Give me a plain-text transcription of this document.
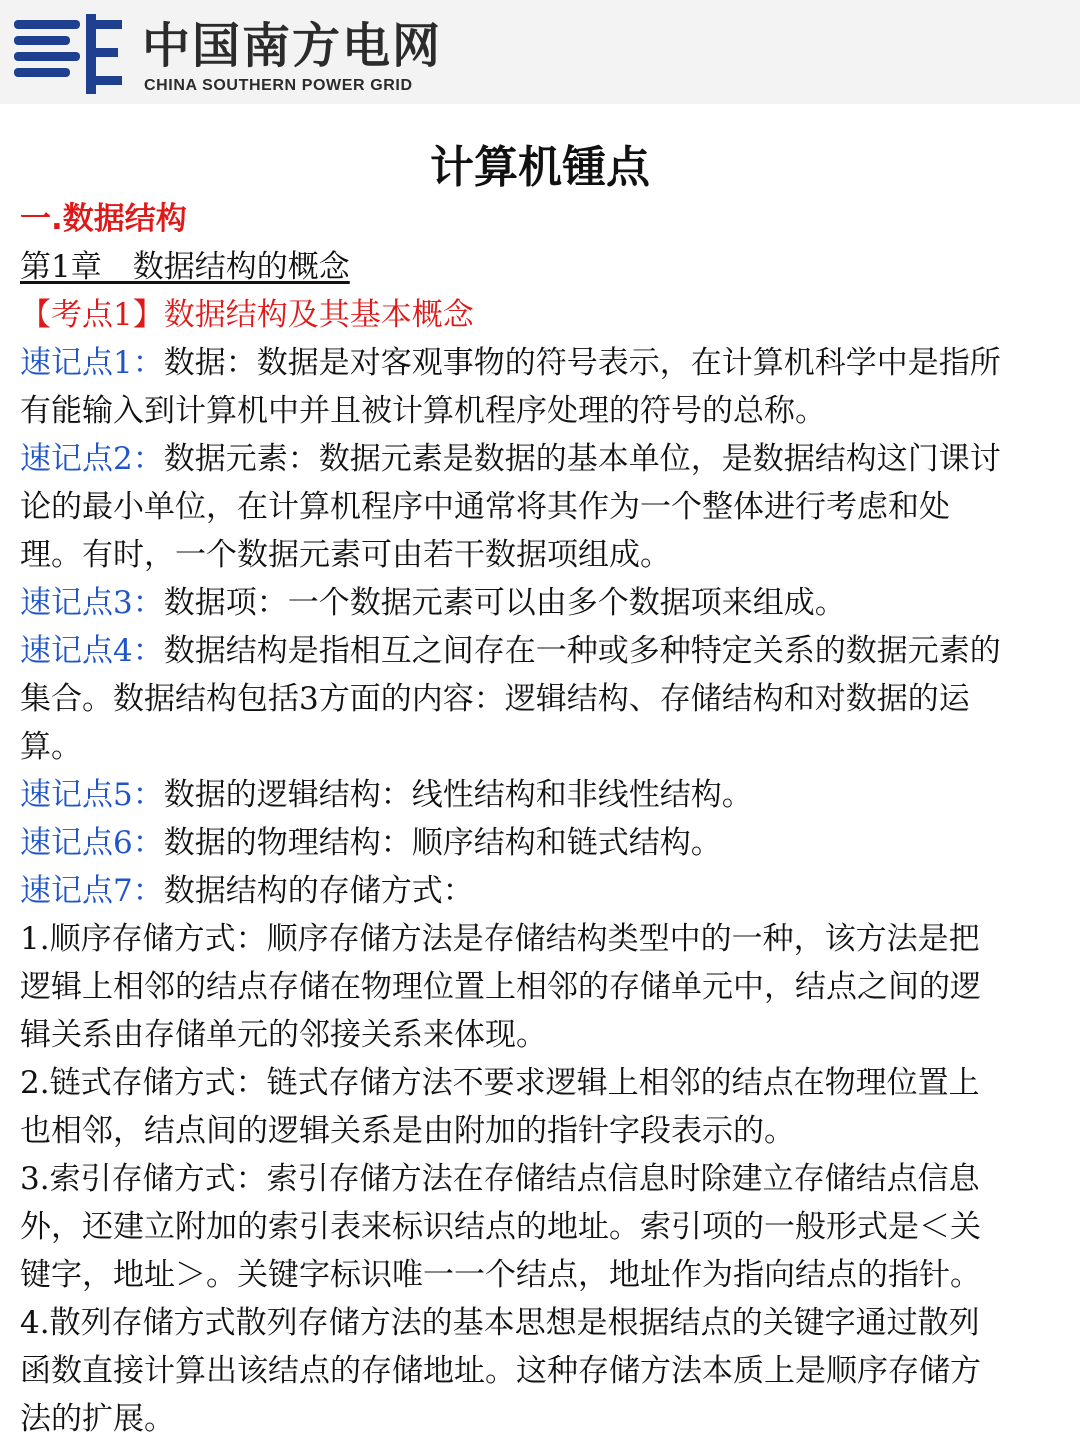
中国南方电网
CHINA SOUTHERN POWER GRID
计算机锺点
一.数据结构
第1章　数据结构的概念
【考点1】数据结构及其基本概念
速记点1：数据：数据是对客观事物的符号表示，在计算机科学中是指所
有能输入到计算机中并且被计算机程序处理的符号的总称。
速记点2：数据元素：数据元素是数据的基本单位，是数据结构这门课讨
论的最小单位，在计算机程序中通常将其作为一个整体进行考虑和处
理。有时，一个数据元素可由若干数据项组成。
速记点3：数据项：一个数据元素可以由多个数据项来组成。
速记点4：数据结构是指相互之间存在一种或多种特定关系的数据元素的
集合。数据结构包括3方面的内容：逻辑结构、存储结构和对数据的运
算。
速记点5：数据的逻辑结构：线性结构和非线性结构。
速记点6：数据的物理结构：顺序结构和链式结构。
速记点7：数据结构的存储方式：
1.顺序存储方式：顺序存储方法是存储结构类型中的一种，该方法是把
逻辑上相邻的结点存储在物理位置上相邻的存储单元中，结点之间的逻
辑关系由存储单元的邻接关系来体现。
2.链式存储方式：链式存储方法不要求逻辑上相邻的结点在物理位置上
也相邻，结点间的逻辑关系是由附加的指针字段表示的。
3.索引存储方式：索引存储方法在存储结点信息时除建立存储结点信息
外，还建立附加的索引表来标识结点的地址。索引项的一般形式是＜关
键字，地址＞。关键字标识唯一一个结点，地址作为指向结点的指针。
4.散列存储方式散列存储方法的基本思想是根据结点的关键字通过散列
函数直接计算出该结点的存储地址。这种存储方法本质上是顺序存储方
法的扩展。
